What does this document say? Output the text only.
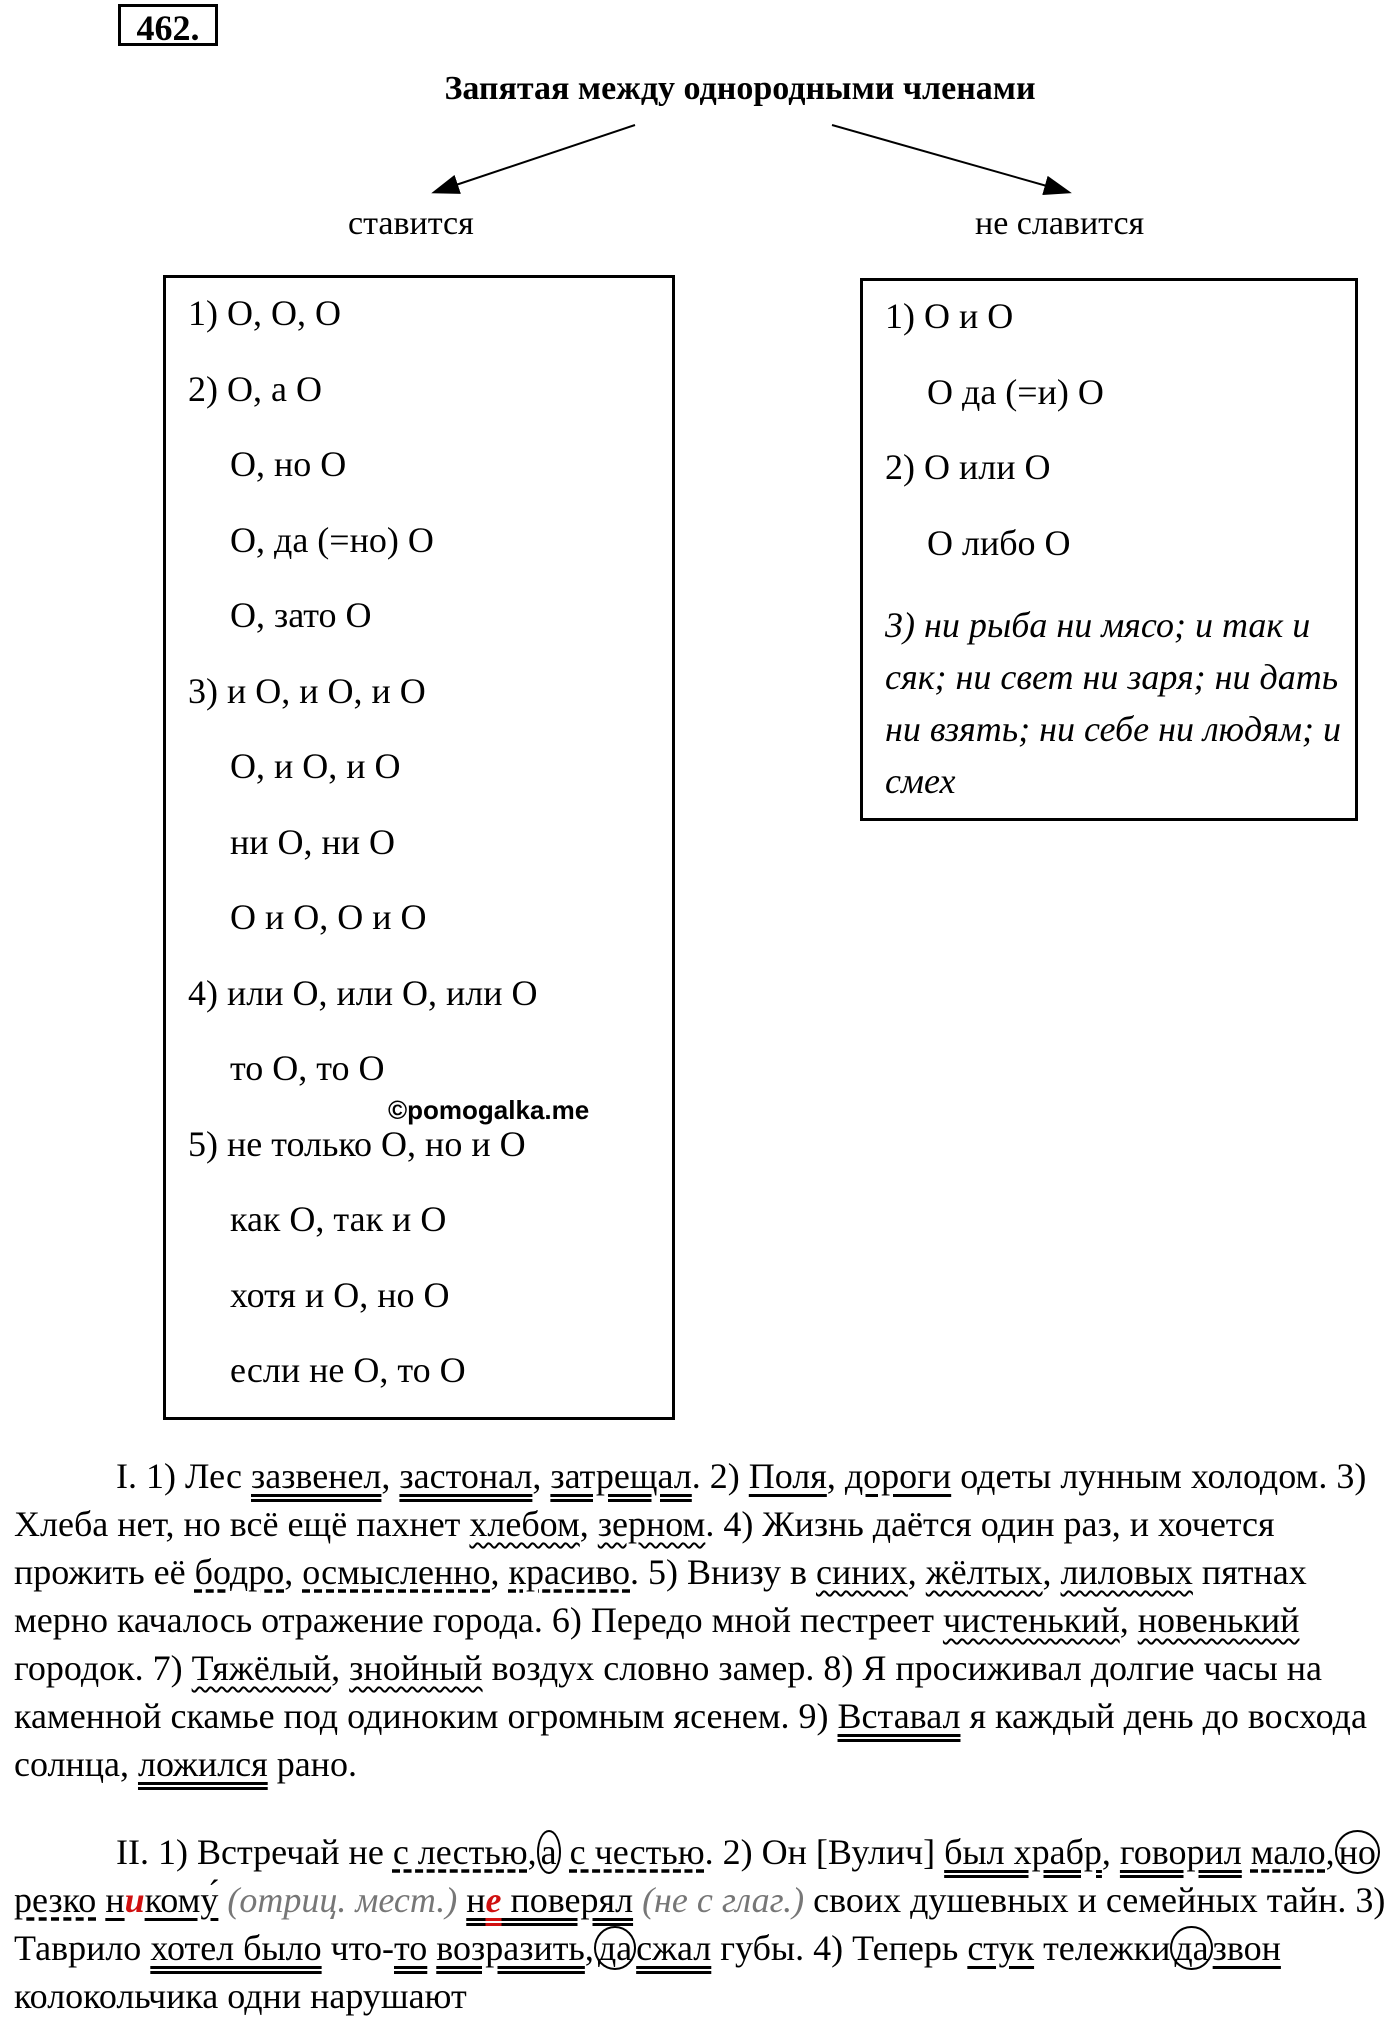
462.
Запятая между однородными членами
ставится	не славится
1) О, О, О
2) О, а О
О, но О
О, да (=но) О
О, зато О
3) и О, и О, и О
О, и О, и О
ни О, ни О
О и О, О и О
4) или О, или О, или О
то О, то О
5) не только О, но и О
как О, так и О
хотя и О, но О
если не О, то О
1) О и О
О да (=и) О
2) О или О
О либо О
3) ни рыба ни мясо; и так и сяк; ни свет ни заря; ни дать ни взять; ни себе ни людям; и смех
©pomogalka.me

I. 1) Лес зазвенел, застонал, затрещал. 2) Поля, дороги одеты лунным холодом. 3) Хлеба нет, но всё ещё пахнет хлебом, зерном. 4) Жизнь даётся один раз, и хочется прожить её бодро, осмысленно, красиво. 5) Внизу в синих, жёлтых, лиловых пятнах мерно качалось отражение города. 6) Передо мной пестреет чистенький, новенький городок. 7) Тяжёлый, знойный воздух словно замер. 8) Я просиживал долгие часы на каменной скамье под одиноким огромным ясенем. 9) Вставал я каждый день до восхода солнца, ложился рано.

II. 1) Встречай не с лестью, а с честью. 2) Он [Вулич] был храбр, говорил мало, но резко никому́ (отриц. мест.) не поверял (не с глаг.) своих душевных и семейных тайн. 3) Таврило хотел было что-то возразить, да сжал губы. 4) Теперь стук тележки да звон колокольчика одни нарушают
